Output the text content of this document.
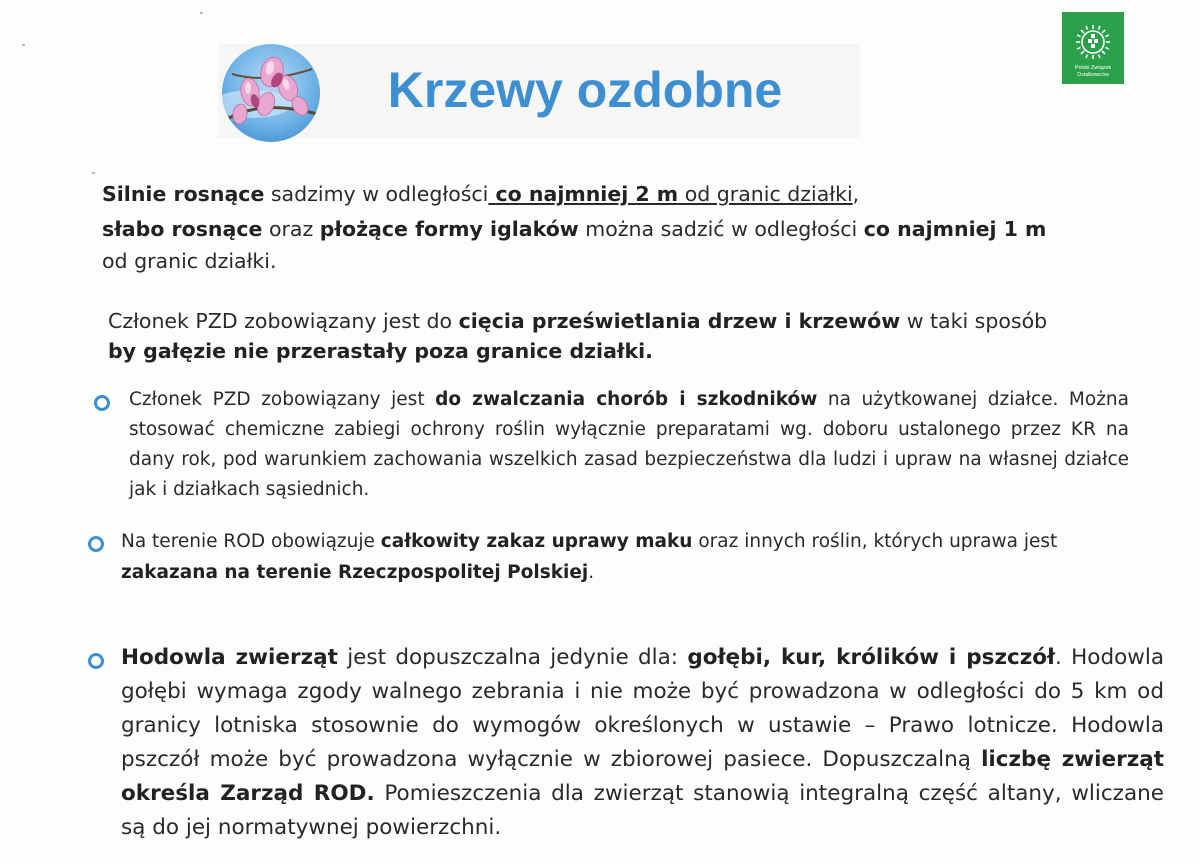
Krzewy ozdobne	Polski Związek
Działkowców
Silnie rosnące sadzimy w odległości co najmniej 2 m od granic działki,
słabo rosnące oraz płożące formy iglaków można sadzić w odległości co najmniej 1 m
od granic działki.
Członek PZD zobowiązany jest do cięcia prześwietlania drzew i krzewów w taki sposób
by gałęzie nie przerastały poza granice działki.
Członek PZD zobowiązany jest do zwalczania chorób i szkodników na użytkowanej działce. Można stosować chemiczne zabiegi ochrony roślin wyłącznie preparatami wg. doboru ustalonego przez KR na dany rok, pod warunkiem zachowania wszelkich zasad bezpieczeństwa dla ludzi i upraw na własnej działce jak i działkach sąsiednich.
Na terenie ROD obowiązuje całkowity zakaz uprawy maku oraz innych roślin, których uprawa jest
zakazana na terenie Rzeczpospolitej Polskiej.
Hodowla zwierząt jest dopuszczalna jedynie dla: gołębi, kur, królików i pszczół. Hodowla gołębi wymaga zgody walnego zebrania i nie może być prowadzona w odległości do 5 km od granicy lotniska stosownie do wymogów określonych w ustawie – Prawo lotnicze. Hodowla pszczół może być prowadzona wyłącznie w zbiorowej pasiece. Dopuszczalną liczbę zwierząt określa Zarząd ROD. Pomieszczenia dla zwierząt stanowią integralną część altany, wliczane są do jej normatywnej powierzchni.
